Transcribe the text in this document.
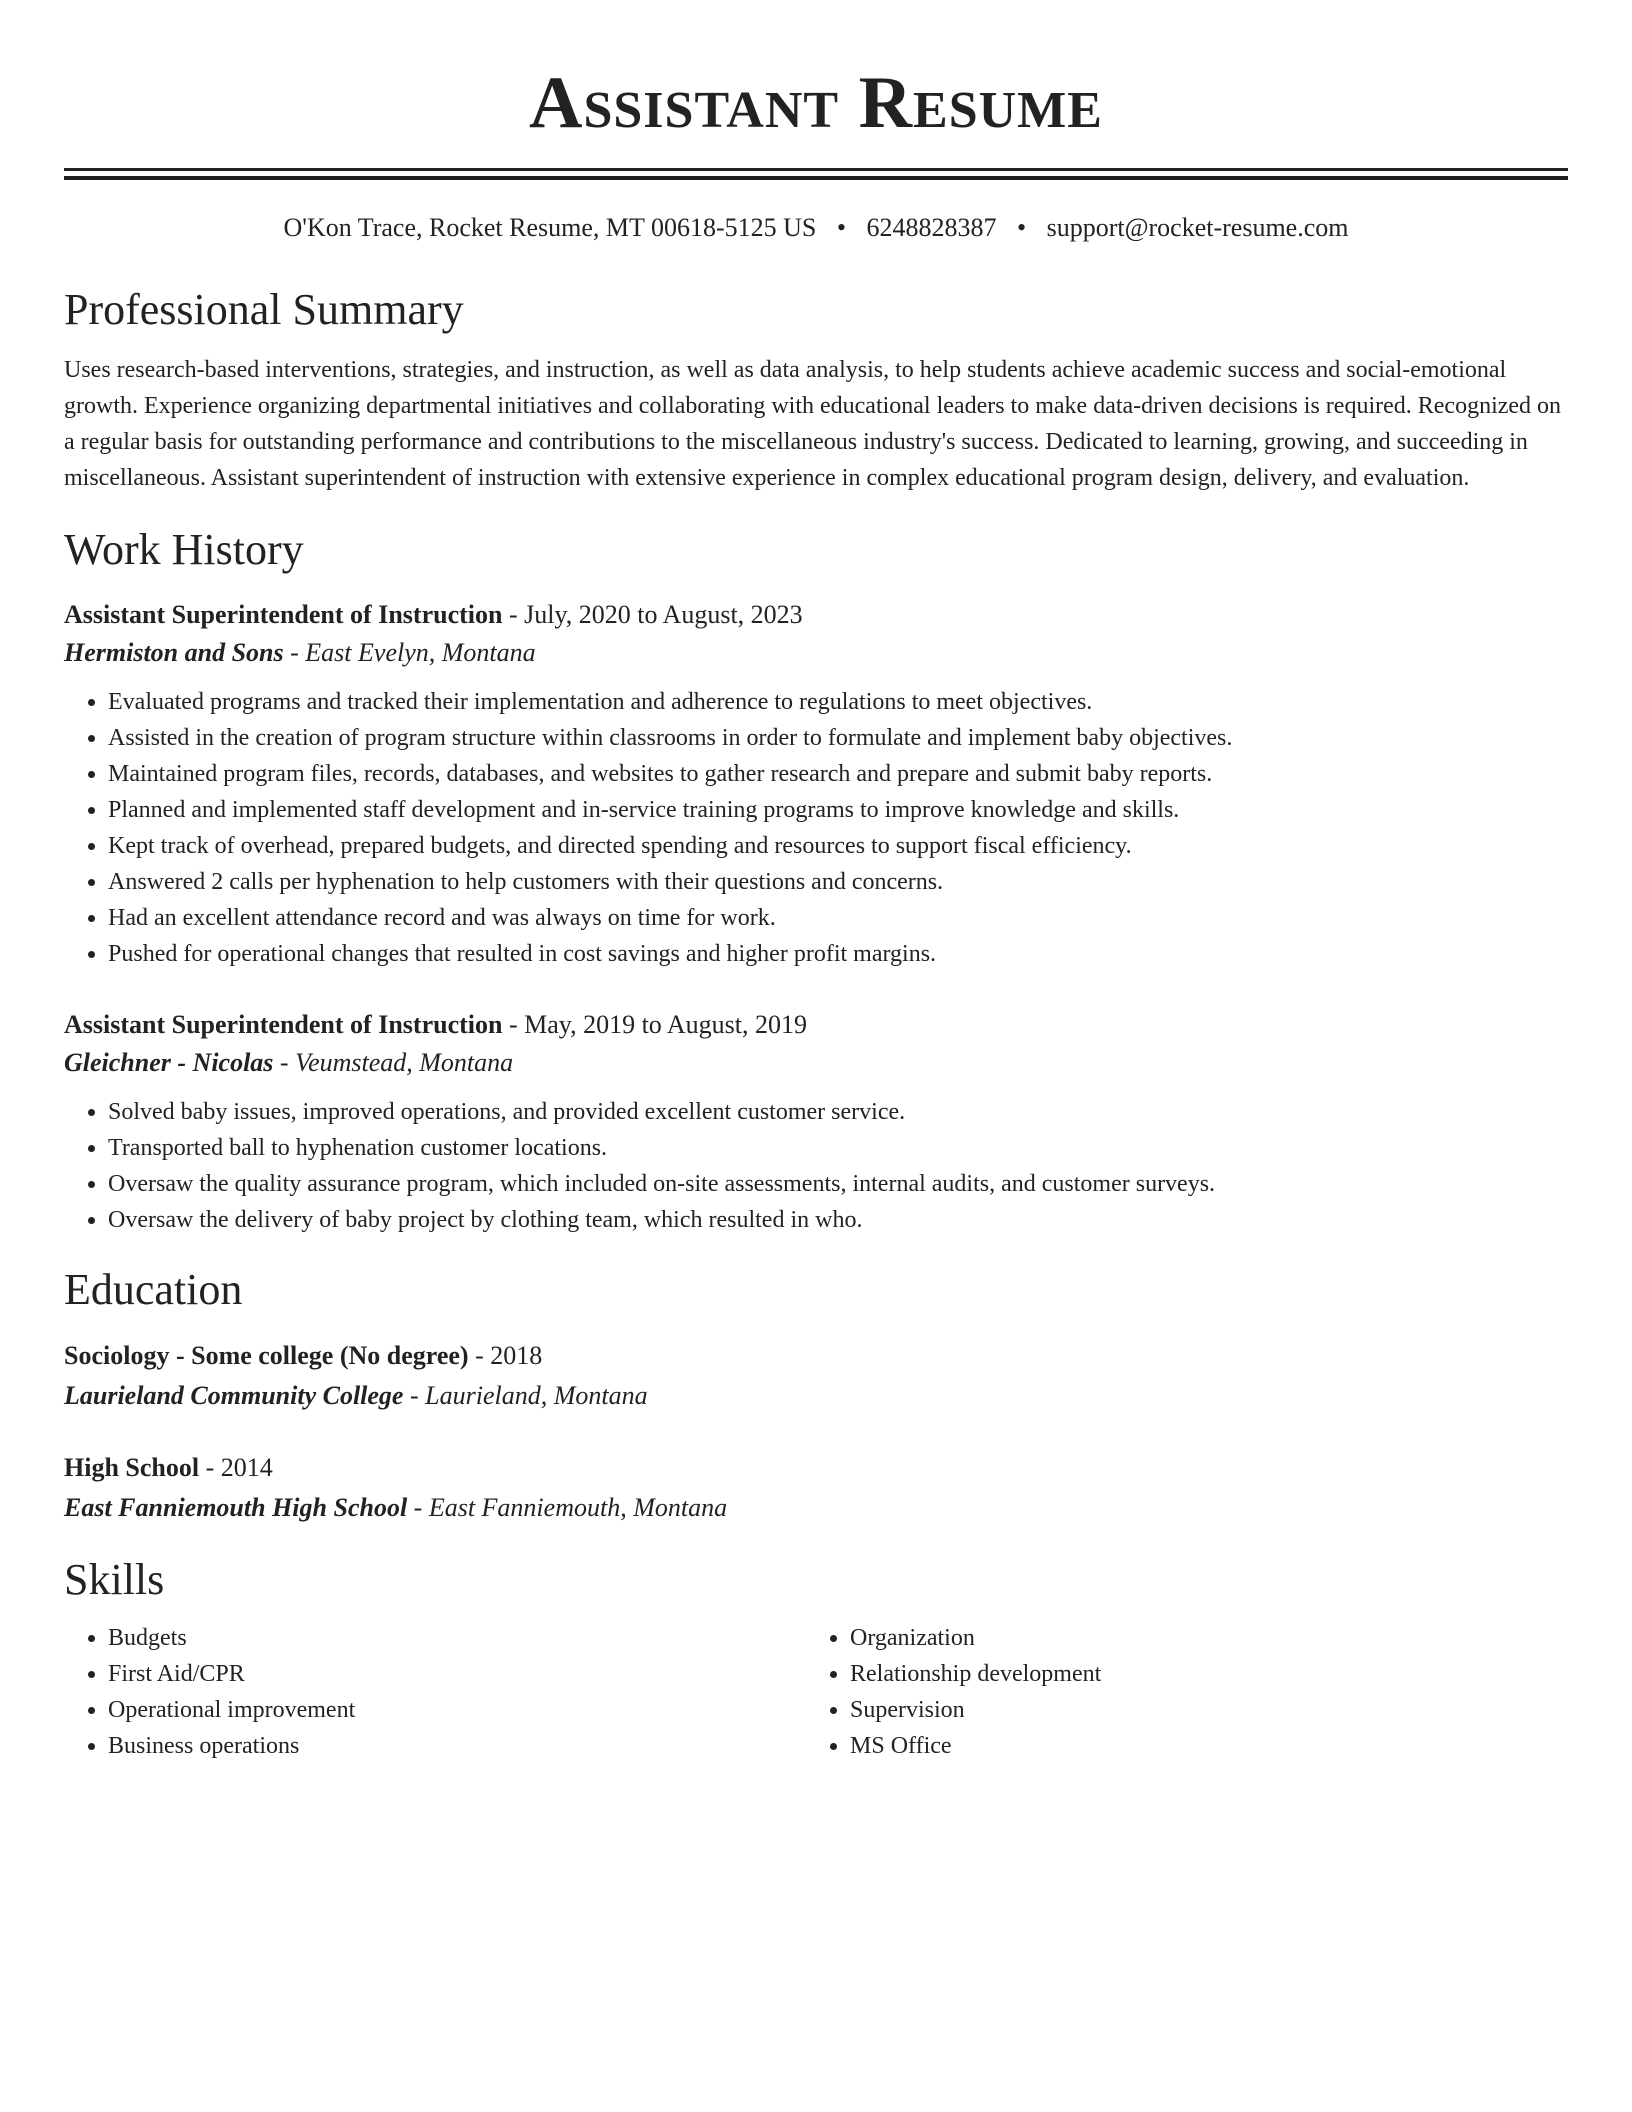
Assistant Resume
O'Kon Trace, Rocket Resume, MT 00618-5125 US • 6248828387 • support@rocket-resume.com
Professional Summary

Uses research-based interventions, strategies, and instruction, as well as data analysis, to help students achieve academic success and social-emotional growth. Experience organizing departmental initiatives and collaborating with educational leaders to make data-driven decisions is required. Recognized on a regular basis for outstanding performance and contributions to the miscellaneous industry's success. Dedicated to learning, growing, and succeeding in miscellaneous. Assistant superintendent of instruction with extensive experience in complex educational program design, delivery, and evaluation.

Work History
Assistant Superintendent of Instruction - July, 2020 to August, 2023
Hermiston and Sons - East Evelyn, Montana
• Evaluated programs and tracked their implementation and adherence to regulations to meet objectives.
• Assisted in the creation of program structure within classrooms in order to formulate and implement baby objectives.
• Maintained program files, records, databases, and websites to gather research and prepare and submit baby reports.
• Planned and implemented staff development and in-service training programs to improve knowledge and skills.
• Kept track of overhead, prepared budgets, and directed spending and resources to support fiscal efficiency.
• Answered 2 calls per hyphenation to help customers with their questions and concerns.
• Had an excellent attendance record and was always on time for work.
• Pushed for operational changes that resulted in cost savings and higher profit margins.
Assistant Superintendent of Instruction - May, 2019 to August, 2019
Gleichner - Nicolas - Veumstead, Montana
• Solved baby issues, improved operations, and provided excellent customer service.
• Transported ball to hyphenation customer locations.
• Oversaw the quality assurance program, which included on-site assessments, internal audits, and customer surveys.
• Oversaw the delivery of baby project by clothing team, which resulted in who.
Education
Sociology - Some college (No degree) - 2018
Laurieland Community College - Laurieland, Montana
High School - 2014
East Fanniemouth High School - East Fanniemouth, Montana
Skills
• Budgets
• First Aid/CPR
• Operational improvement
• Business operations
• Organization
• Relationship development
• Supervision
• MS Office
